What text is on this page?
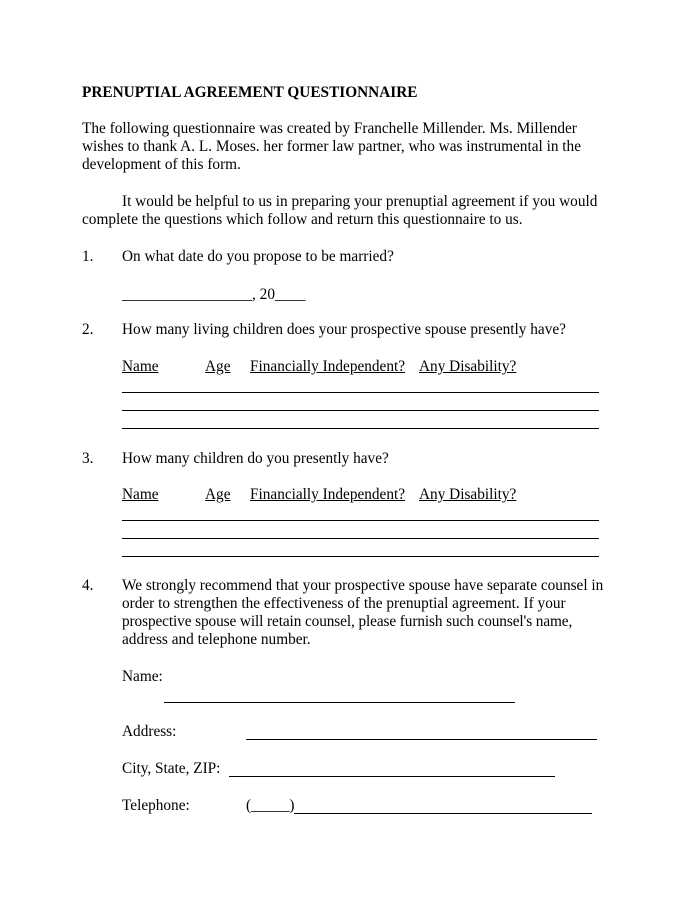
PRENUPTIAL AGREEMENT QUESTIONNAIRE
The following questionnaire was created by Franchelle Millender. Ms. Millender
wishes to thank A. L. Moses. her former law partner, who was instrumental in the
development of this form.
It would be helpful to us in preparing your prenuptial agreement if you would
complete the questions which follow and return this questionnaire to us.
1. On what date do you propose to be married?
_________________, 20____
2. How many living children does your prospective spouse presently have?
Name	Age Financially Independent? Any Disability?
3. How many children do you presently have?
Name	Age Financially Independent? Any Disability?
4. We strongly recommend that your prospective spouse have separate counsel in
order to strengthen the effectiveness of the prenuptial agreement. If your
prospective spouse will retain counsel, please furnish such counsel's name,
address and telephone number.
Name:
Address:
City, State, ZIP:
Telephone:	(_____)
